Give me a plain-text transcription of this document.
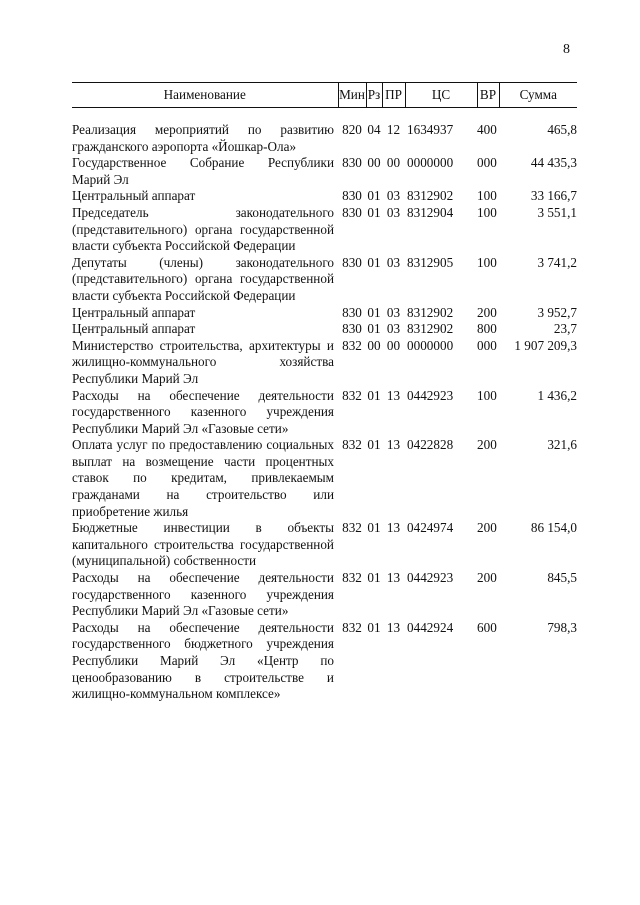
8
Наименование	Мин	Рз	ПР	ЦС	ВР	Сумма

Реализация мероприятий по развитию гражданского аэропорта «Йошкар-Ола»	820	04	12	1634937	400	465,8
Государственное Собрание Республики Марий Эл	830	00	00	0000000	000	44 435,3
Центральный аппарат	830	01	03	8312902	100	33 166,7
Председатель законодательного (представительного) органа государственной власти субъекта Российской Федерации	830	01	03	8312904	100	3 551,1
Депутаты (члены) законодательного (представительного) органа государственной власти субъекта Российской Федерации	830	01	03	8312905	100	3 741,2
Центральный аппарат	830	01	03	8312902	200	3 952,7
Центральный аппарат	830	01	03	8312902	800	23,7
Министерство строительства, архитектуры и жилищно-коммунального хозяйства Республики Марий Эл	832	00	00	0000000	000	1 907 209,3
Расходы на обеспечение деятельности государственного казенного учреждения Республики Марий Эл «Газовые сети»	832	01	13	0442923	100	1 436,2
Оплата услуг по предоставлению социальных выплат на возмещение части процентных ставок по кредитам, привлекаемым гражданами на строительство или приобретение жилья	832	01	13	0422828	200	321,6
Бюджетные инвестиции в объекты капитального строительства государственной (муниципальной) собственности	832	01	13	0424974	200	86 154,0
Расходы на обеспечение деятельности государственного казенного учреждения Республики Марий Эл «Газовые сети»	832	01	13	0442923	200	845,5
Расходы на обеспечение деятельности государственного бюджетного учреждения Республики Марий Эл «Центр по ценообразованию в строительстве и жилищно-коммунальном комплексе»	832	01	13	0442924	600	798,3
